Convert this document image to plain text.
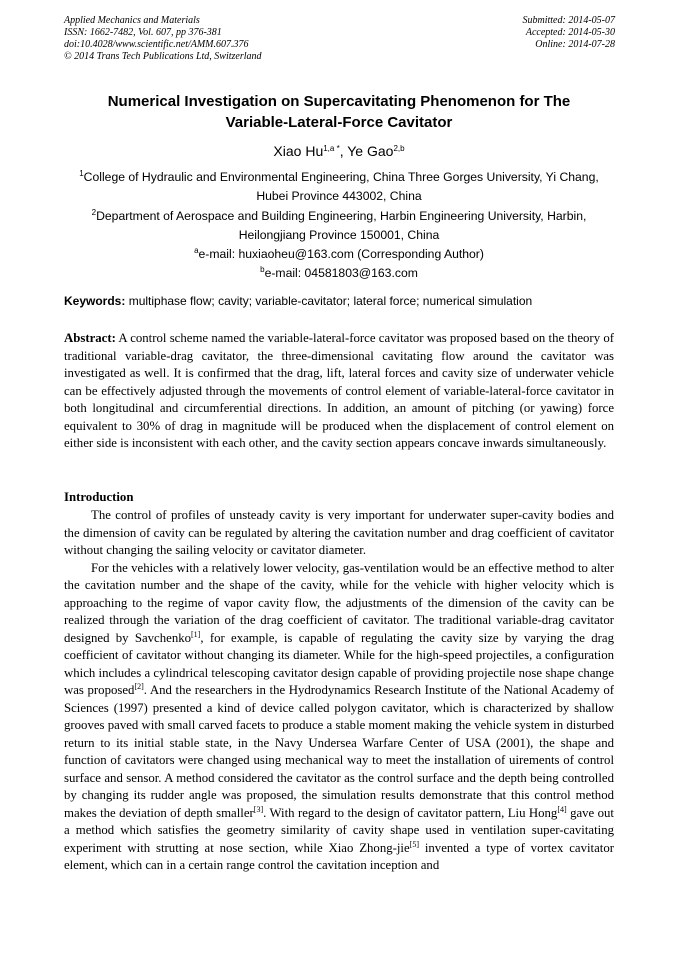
Applied Mechanics and Materials
ISSN: 1662-7482, Vol. 607, pp 376-381
doi:10.4028/www.scientific.net/AMM.607.376
© 2014 Trans Tech Publications Ltd, Switzerland
Submitted: 2014-05-07
Accepted: 2014-05-30
Online: 2014-07-28
Numerical Investigation on Supercavitating Phenomenon for The
Variable-Lateral-Force Cavitator
Xiao $Hu^{1,a *}$, Ye Gao$^{2,b}$
$^1$College of Hydraulic and Environmental Engineering, China Three Gorges University, Yi Chang,
Hubei Province 443002, China
$^2$Department of Aerospace and Building Engineering, Harbin Engineering University, Harbin,
Heilongjiang Province 150001, China
$^a$e-mail: huxiaoheu@163.com (Corresponding Author)
$^b$e-mail: 04581803@163.com
Keywords: multiphase flow; cavity; variable-cavitator; lateral force; numerical simulation
Abstract: A control scheme named the variable-lateral-force cavitator was proposed based on the theory of traditional variable-drag cavitator, the three-dimensional cavitating flow around the cavitator was investigated as well. It is confirmed that the drag, lift, lateral forces and cavity size of underwater vehicle can be effectively adjusted through the movements of control element of variable-lateral-force cavitator in both longitudinal and circumferential directions. In addition, an amount of pitching (or yawing) force equivalent to 30% of drag in magnitude will be produced when the displacement of control element on either side is inconsistent with each other, and the cavity section appears concave inwards simultaneously.
Introduction

The control of profiles of unsteady cavity is very important for underwater super-cavity bodies and the dimension of cavity can be regulated by altering the cavitation number and drag coefficient of cavitator without changing the sailing velocity or cavitator diameter.

For the vehicles with a relatively lower velocity, gas-ventilation would be an effective method to alter the cavitation number and the shape of the cavity, while for the vehicle with higher velocity which is approaching to the regime of vapor cavity flow, the adjustments of the dimension of the cavity can be realized through the variation of the drag coefficient of cavitator. The traditional variable-drag cavitator designed by Savchenko[1], for example, is capable of regulating the cavity size by varying the drag coefficient of cavitator without changing its diameter. While for the high-speed projectiles, a configuration which includes a cylindrical telescoping cavitator design capable of providing projectile nose shape change was proposed[2]. And the researchers in the Hydrodynamics Research Institute of the National Academy of Sciences (1997) presented a kind of device called polygon cavitator, which is characterized by shallow grooves paved with small carved facets to produce a stable moment making the vehicle system in disturbed return to its initial stable state, in the Navy Undersea Warfare Center of USA (2001), the shape and function of cavitators were changed using mechanical way to meet the installation of uirements of control surface and sensor. A method considered the cavitator as the control surface and the depth being controlled by changing its rudder angle was proposed, the simulation results demonstrate that this control method makes the deviation of depth smaller[3]. With regard to the design of cavitator pattern, Liu Hong[4] gave out a method which satisfies the geometry similarity of cavity shape used in ventilation super-cavitating experiment with strutting at nose section, while Xiao Zhong-jie[5] invented a type of vortex cavitator element, which can in a certain range control the cavitation inception and
